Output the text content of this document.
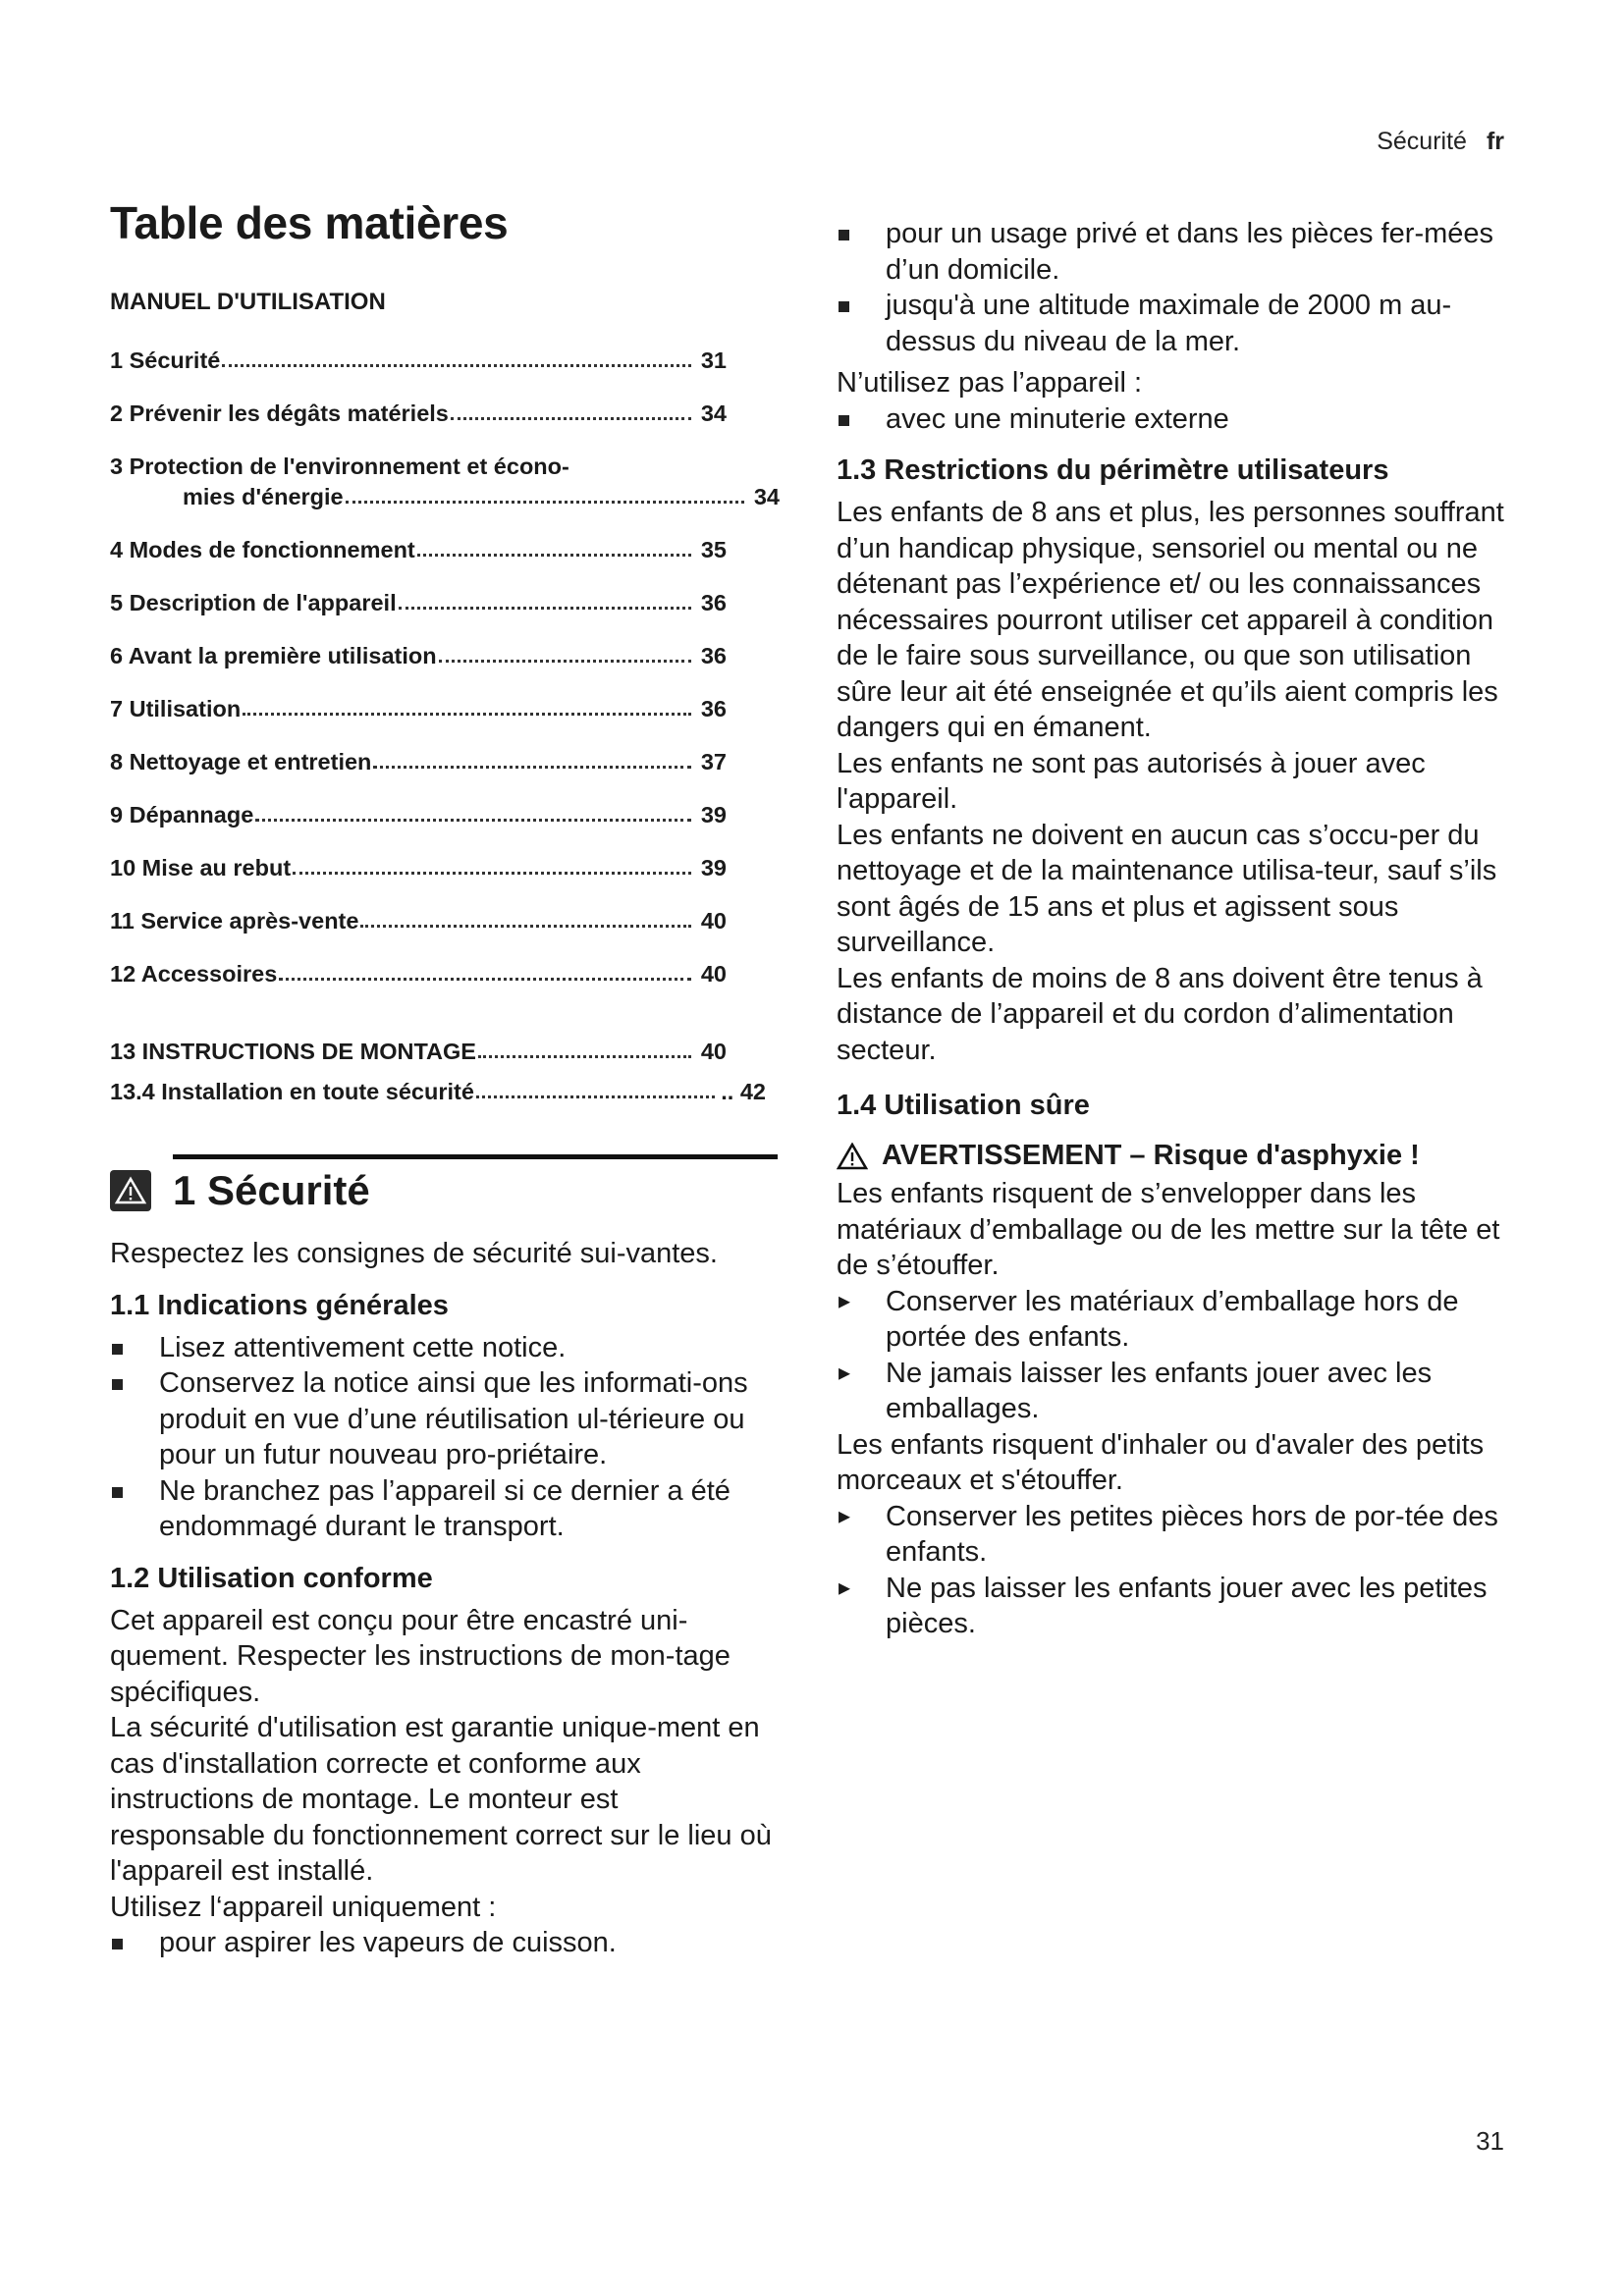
Sécurité fr
Table des matières
MANUEL D'UTILISATION
1 Sécurité	31
2 Prévenir les dégâts matériels	34
3 Protection de l'environnement et écono-
mies d'énergie	34
4 Modes de fonctionnement	35
5 Description de l'appareil	36
6 Avant la première utilisation	36
7 Utilisation	36
8 Nettoyage et entretien	37
9 Dépannage	39
10 Mise au rebut	39
11 Service après-vente	40
12 Accessoires	40
13 INSTRUCTIONS DE MONTAGE	40
13.4 Installation en toute sécurité	.. 42
1 Sécurité

Respectez les consignes de sécurité sui-vantes.

1.1 Indications générales
Lisez attentivement cette notice.
Conservez la notice ainsi que les informati-ons produit en vue d’une réutilisation ul-térieure ou pour un futur nouveau pro-priétaire.
Ne branchez pas l’appareil si ce dernier a été endommagé durant le transport.
1.2 Utilisation conforme

Cet appareil est conçu pour être encastré uni-quement. Respecter les instructions de mon-tage spécifiques.

La sécurité d'utilisation est garantie unique-ment en cas d'installation correcte et conforme aux instructions de montage. Le monteur est responsable du fonctionnement correct sur le lieu où l'appareil est installé.

Utilisez l‘appareil uniquement :

pour aspirer les vapeurs de cuisson.
pour un usage privé et dans les pièces fer-mées d’un domicile.
jusqu'à une altitude maximale de 2000 m au-dessus du niveau de la mer.

N’utilisez pas l’appareil :

avec une minuterie externe
1.3 Restrictions du périmètre utilisateurs

Les enfants de 8 ans et plus, les personnes souffrant d’un handicap physique, sensoriel ou mental ou ne détenant pas l’expérience et/ ou les connaissances nécessaires pourront utiliser cet appareil à condition de le faire sous surveillance, ou que son utilisation sûre leur ait été enseignée et qu’ils aient compris les dangers qui en émanent.

Les enfants ne sont pas autorisés à jouer avec l'appareil.

Les enfants ne doivent en aucun cas s’occu-per du nettoyage et de la maintenance utilisa-teur, sauf s’ils sont âgés de 15 ans et plus et agissent sous surveillance.

Les enfants de moins de 8 ans doivent être tenus à distance de l’appareil et du cordon d’alimentation secteur.

1.4 Utilisation sûre
AVERTISSEMENT – Risque d'asphyxie !

Les enfants risquent de s’envelopper dans les matériaux d’emballage ou de les mettre sur la tête et de s’étouffer.

▸ Conserver les matériaux d’emballage hors de portée des enfants.
▸ Ne jamais laisser les enfants jouer avec les emballages.

Les enfants risquent d'inhaler ou d'avaler des petits morceaux et s'étouffer.

▸ Conserver les petites pièces hors de por-tée des enfants.
▸ Ne pas laisser les enfants jouer avec les petites pièces.
31
